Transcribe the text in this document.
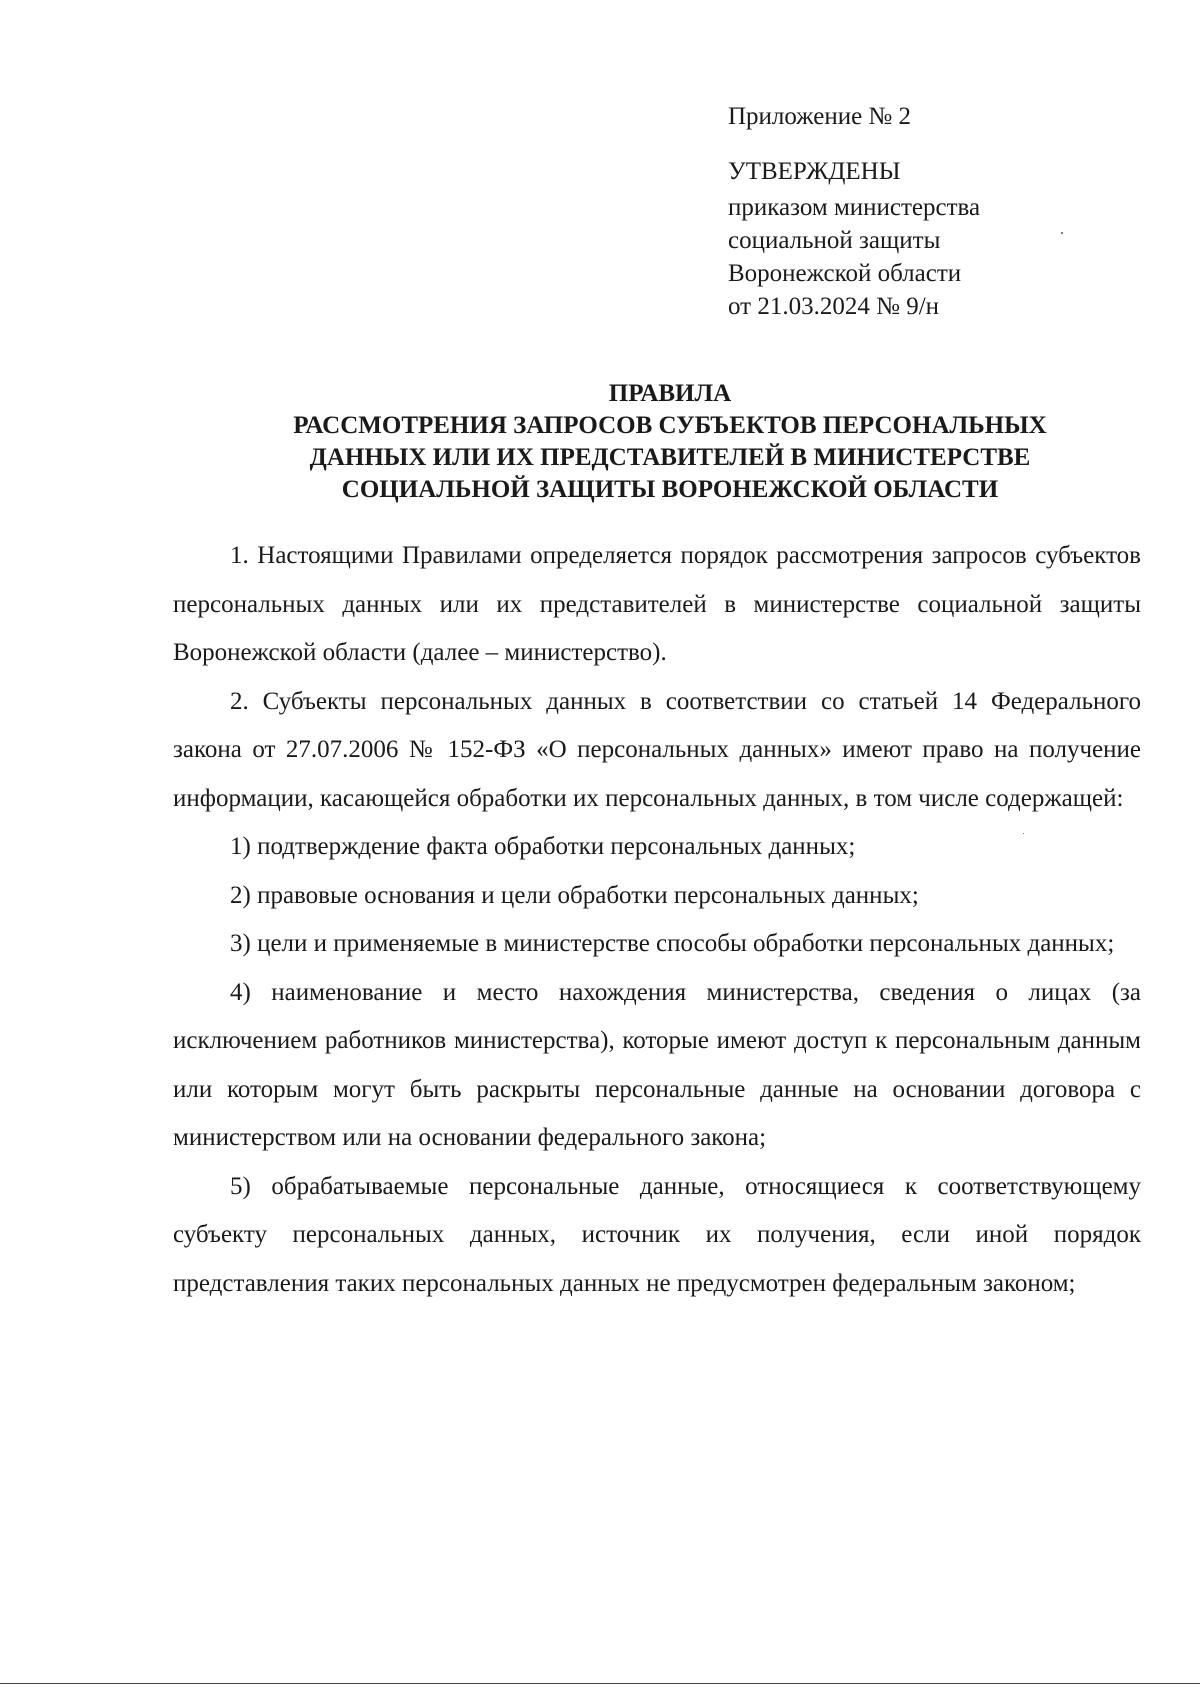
Приложение № 2

УТВЕРЖДЕНЫ

приказом министерства

социальной защиты

Воронежской области

от 21.03.2024 № 9/н

ПРАВИЛА

РАССМОТРЕНИЯ ЗАПРОСОВ СУБЪЕКТОВ ПЕРСОНАЛЬНЫХ

ДАННЫХ ИЛИ ИХ ПРЕДСТАВИТЕЛЕЙ В МИНИСТЕРСТВЕ

СОЦИАЛЬНОЙ ЗАЩИТЫ ВОРОНЕЖСКОЙ ОБЛАСТИ

1. Настоящими Правилами определяется порядок рассмотрения запросов субъектов персональных данных или их представителей в министерстве социальной защиты Воронежской области (далее – министерство).

2. Субъекты персональных данных в соответствии со статьей 14 Федерального закона от 27.07.2006 № 152-ФЗ «О персональных данных» имеют право на получение информации, касающейся обработки их персональных данных, в том числе содержащей:

1) подтверждение факта обработки персональных данных;

2) правовые основания и цели обработки персональных данных;

3) цели и применяемые в министерстве способы обработки персональных данных;

4) наименование и место нахождения министерства, сведения о лицах (за исключением работников министерства), которые имеют доступ к персональным данным или которым могут быть раскрыты персональные данные на основании договора с министерством или на основании федерального закона;

5) обрабатываемые персональные данные, относящиеся к соответствующему субъекту персональных данных, источник их получения, если иной порядок представления таких персональных данных не предусмотрен федеральным законом;
